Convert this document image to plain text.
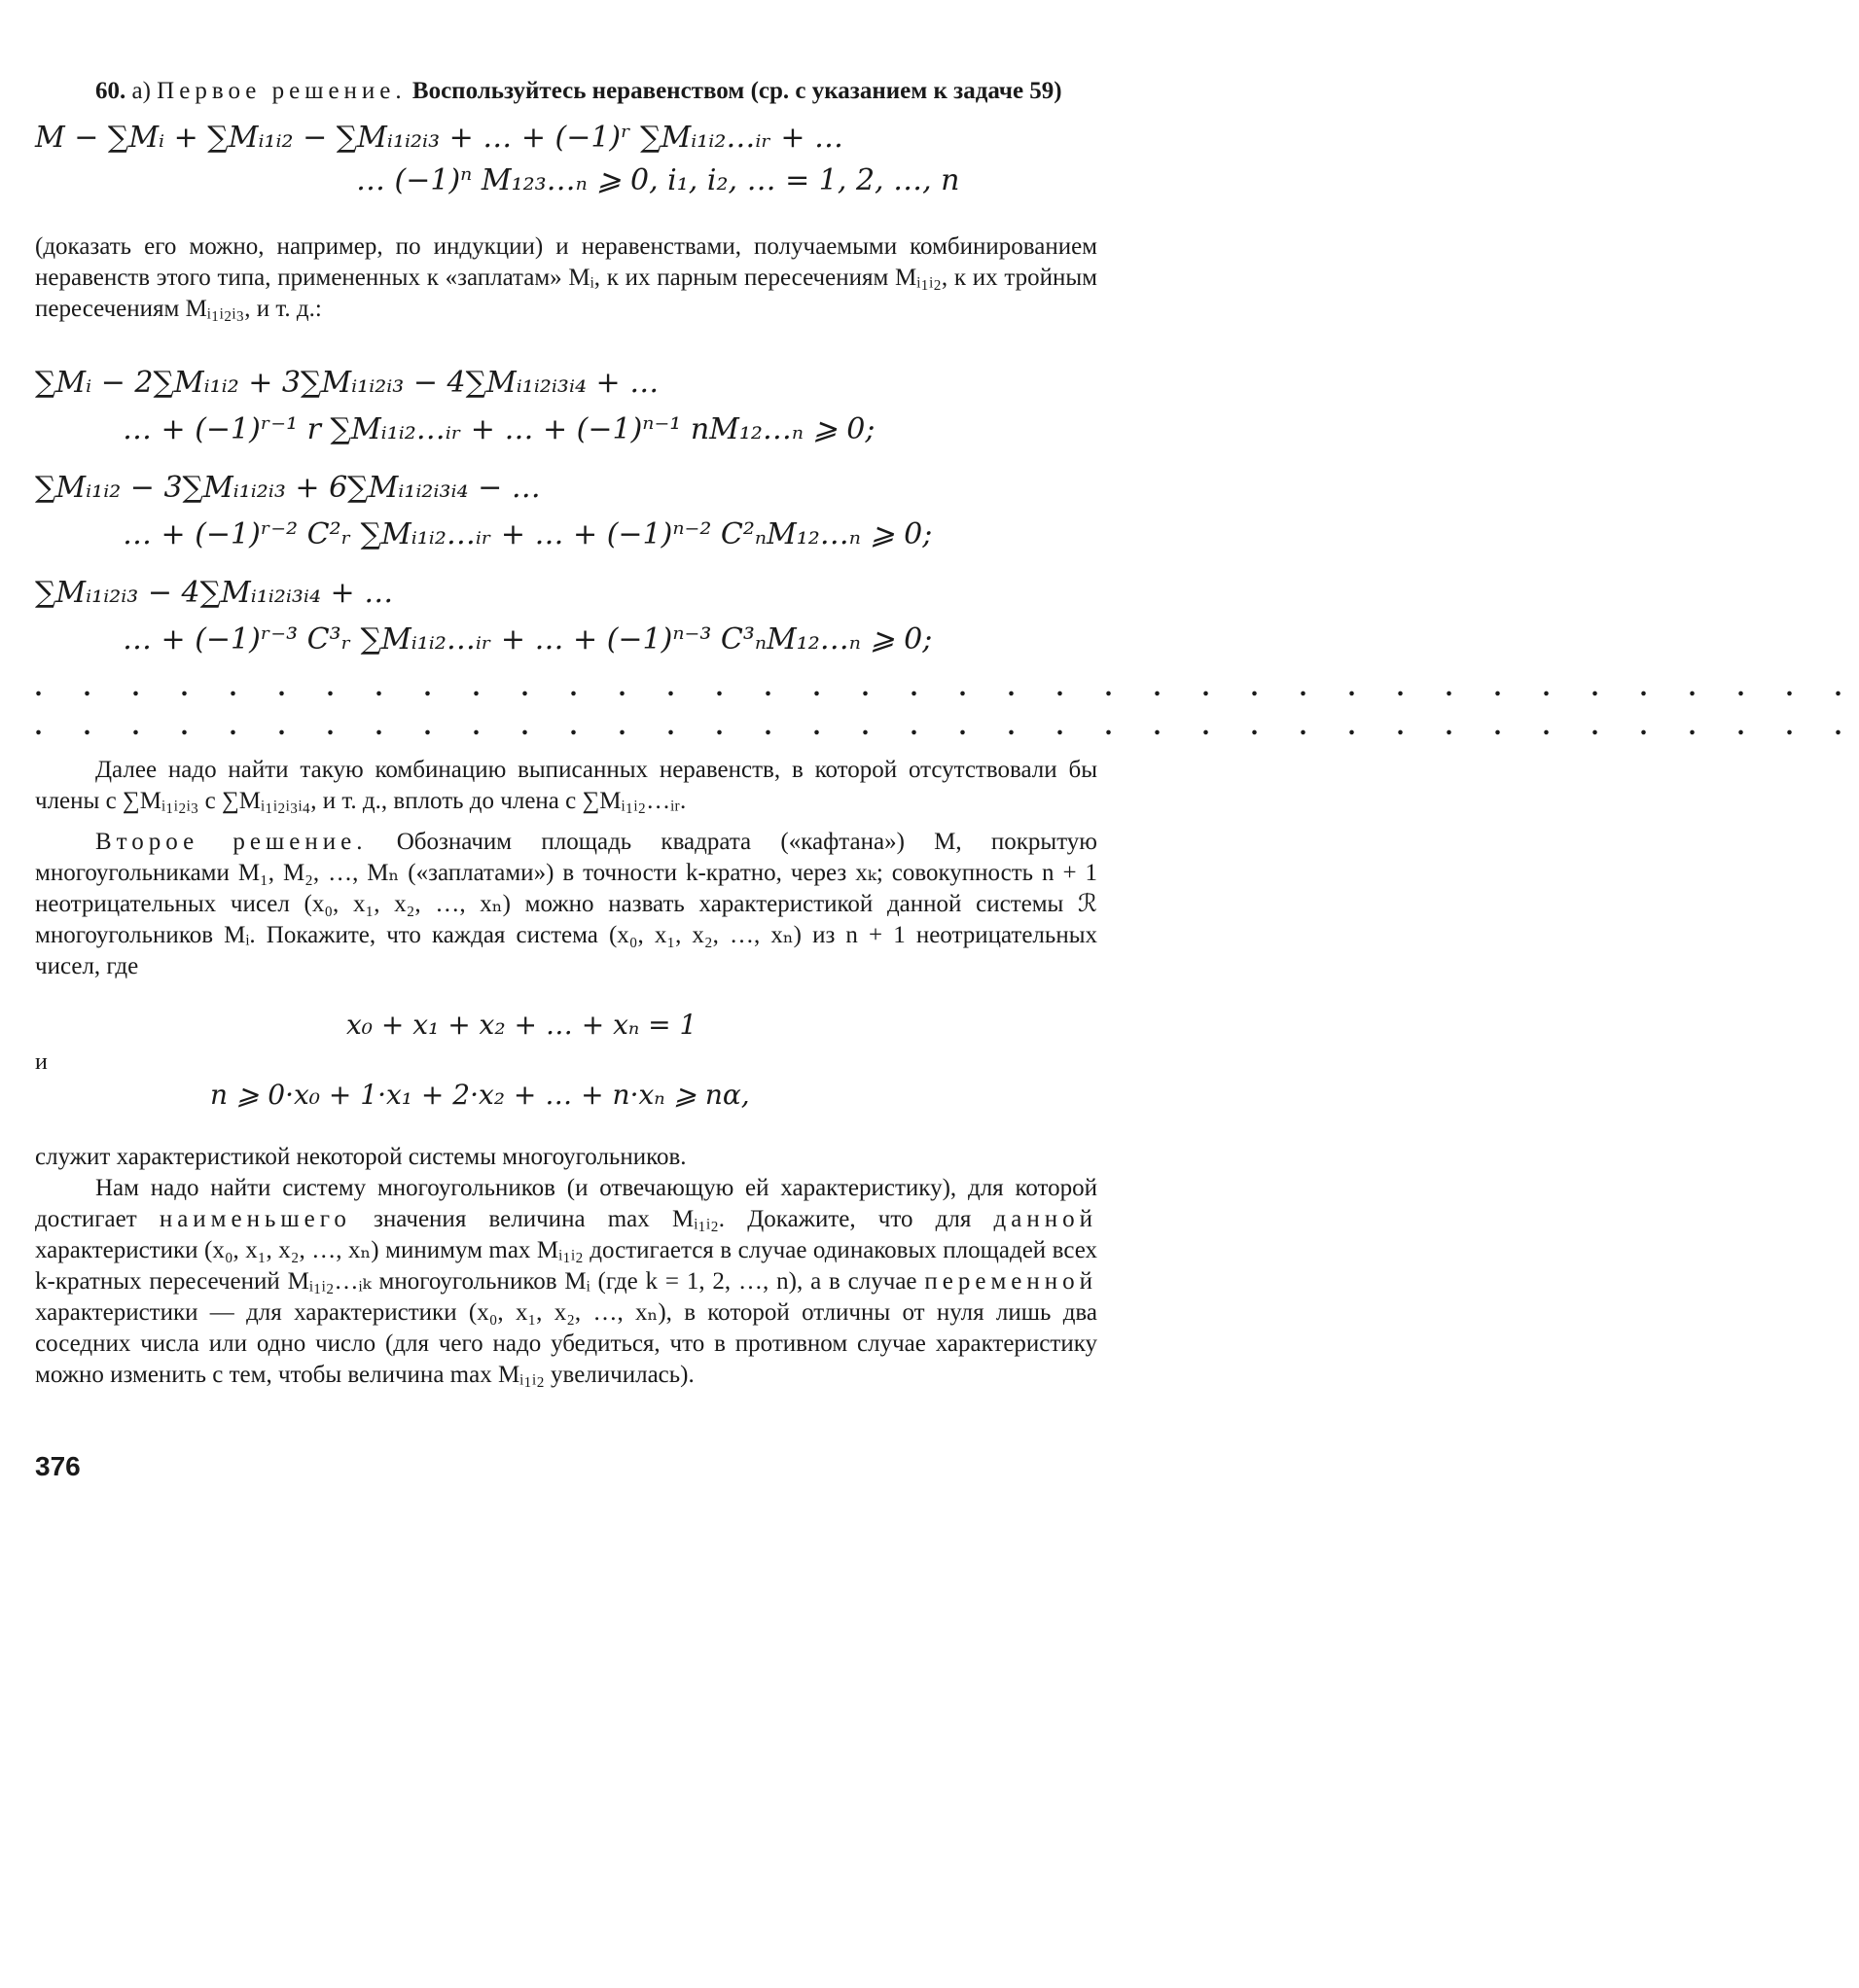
60. а) Первое решение. Воспользуйтесь неравенством (ср. с указанием к задаче 59)

M − ∑Mᵢ + ∑Mᵢ₁ᵢ₂ − ∑Mᵢ₁ᵢ₂ᵢ₃ + … + (−1)ʳ ∑Mᵢ₁ᵢ₂…ᵢᵣ + …
… (−1)ⁿ M₁₂₃…ₙ ⩾ 0, i₁, i₂, … = 1, 2, …, n

(доказать его можно, например, по индукции) и неравенствами, получаемыми комбинированием неравенств этого типа, примененных к «заплатам» Mᵢ, к их парным пересечениям Mᵢ₁ᵢ₂, к их тройным пересечениям Mᵢ₁ᵢ₂ᵢ₃, и т. д.:

∑Mᵢ − 2∑Mᵢ₁ᵢ₂ + 3∑Mᵢ₁ᵢ₂ᵢ₃ − 4∑Mᵢ₁ᵢ₂ᵢ₃ᵢ₄ + …
… + (−1)ʳ⁻¹ r ∑Mᵢ₁ᵢ₂…ᵢᵣ + … + (−1)ⁿ⁻¹ nM₁₂…ₙ ⩾ 0;
∑Mᵢ₁ᵢ₂ − 3∑Mᵢ₁ᵢ₂ᵢ₃ + 6∑Mᵢ₁ᵢ₂ᵢ₃ᵢ₄ − …
… + (−1)ʳ⁻² C²ᵣ ∑Mᵢ₁ᵢ₂…ᵢᵣ + … + (−1)ⁿ⁻² C²ₙM₁₂…ₙ ⩾ 0;
∑Mᵢ₁ᵢ₂ᵢ₃ − 4∑Mᵢ₁ᵢ₂ᵢ₃ᵢ₄ + …
… + (−1)ʳ⁻³ C³ᵣ ∑Mᵢ₁ᵢ₂…ᵢᵣ + … + (−1)ⁿ⁻³ C³ₙM₁₂…ₙ ⩾ 0;
. . . . . . . . . . . . . . . . . . . . . . . . . . . . . . . . . . . . . .
. . . . . . . . . . . . . . . . . . . . . . . . . . . . . . . . . . . . . .

Далее надо найти такую комбинацию выписанных неравенств, в которой отсутствовали бы члены с ∑Mᵢ₁ᵢ₂ᵢ₃ с ∑Mᵢ₁ᵢ₂ᵢ₃ᵢ₄, и т. д., вплоть до члена с ∑Mᵢ₁ᵢ₂…ᵢᵣ.

Второе решение. Обозначим площадь квадрата («кафтана») M, покрытую многоугольниками M₁, M₂, …, Mₙ («заплатами») в точности k-кратно, через xₖ; совокупность n + 1 неотрицательных чисел (x₀, x₁, x₂, …, xₙ) можно назвать характеристикой данной системы ℛ многоугольников Mᵢ. Покажите, что каждая система (x₀, x₁, x₂, …, xₙ) из n + 1 неотрицательных чисел, где

x₀ + x₁ + x₂ + … + xₙ = 1
и
n ⩾ 0·x₀ + 1·x₁ + 2·x₂ + … + n·xₙ ⩾ nα,

служит характеристикой некоторой системы многоугольников.

Нам надо найти систему многоугольников (и отвечающую ей характеристику), для которой достигает наименьшего значения величина max Mᵢ₁ᵢ₂. Докажите, что для данной характеристики (x₀, x₁, x₂, …, xₙ) минимум max Mᵢ₁ᵢ₂ достигается в случае одинаковых площадей всех k-кратных пересечений Mᵢ₁ᵢ₂…ᵢₖ многоугольников Mᵢ (где k = 1, 2, …, n), а в случае переменной характеристики — для характеристики (x₀, x₁, x₂, …, xₙ), в которой отличны от нуля лишь два соседних числа или одно число (для чего надо убедиться, что в противном случае характеристику можно изменить с тем, чтобы величина max Mᵢ₁ᵢ₂ увеличилась).

376
